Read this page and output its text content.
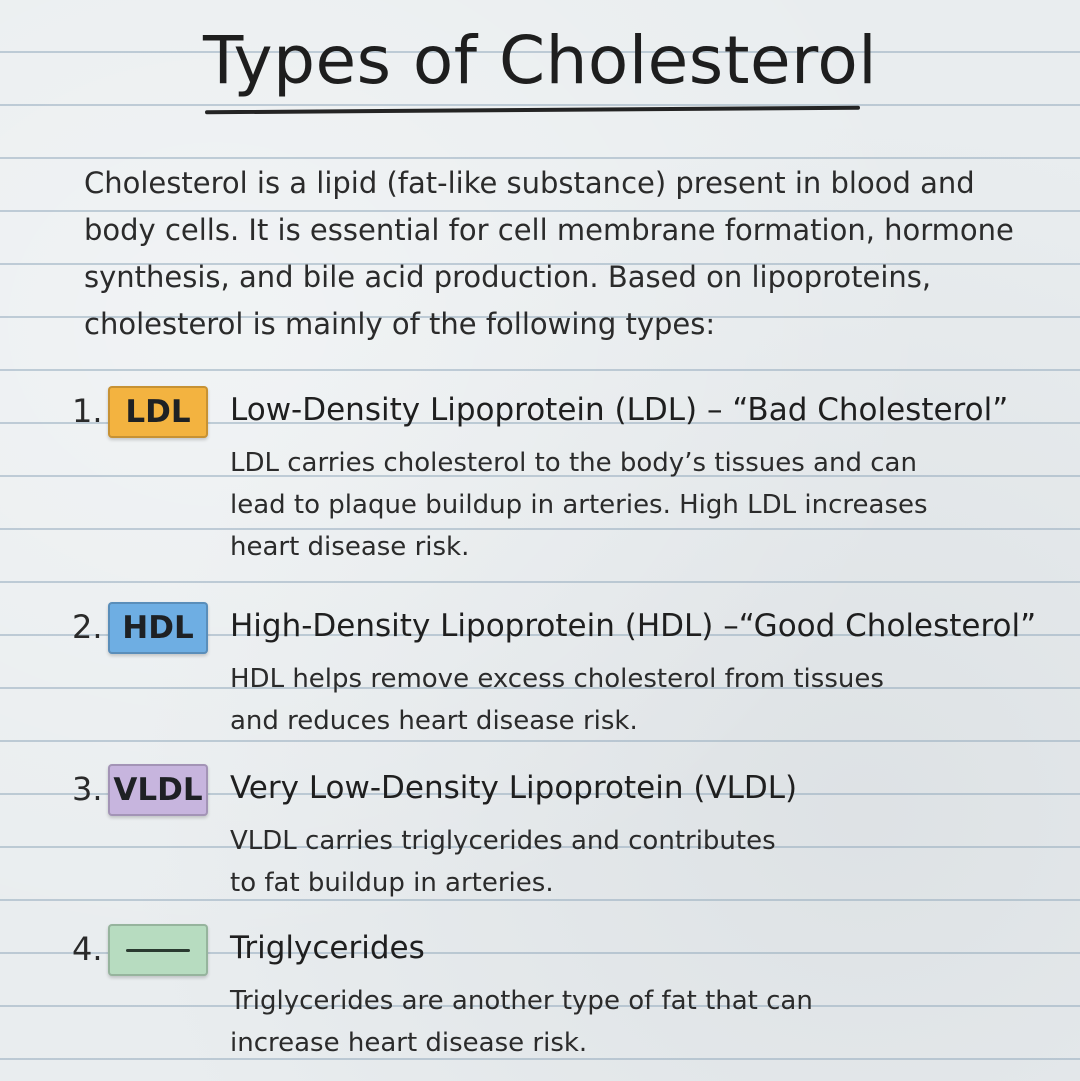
Types of Cholesterol
Cholesterol is a lipid (fat-like substance) present in blood and
body cells. It is essential for cell membrane formation, hormone
synthesis, and bile acid production. Based on lipoproteins,
cholesterol is mainly of the following types:
1. LDL	Low-Density Lipoprotein (LDL) – “Bad Cholesterol”
LDL carries cholesterol to the body’s tissues and can
lead to plaque buildup in arteries. High LDL increases
heart disease risk.
2. HDL	High-Density Lipoprotein (HDL) –“Good Cholesterol”
HDL helps remove excess cholesterol from tissues
and reduces heart disease risk.
3. VLDL Very Low-Density Lipoprotein (VLDL)
VLDL carries triglycerides and contributes
to fat buildup in arteries.
4.	Triglycerides
Triglycerides are another type of fat that can
increase heart disease risk.
